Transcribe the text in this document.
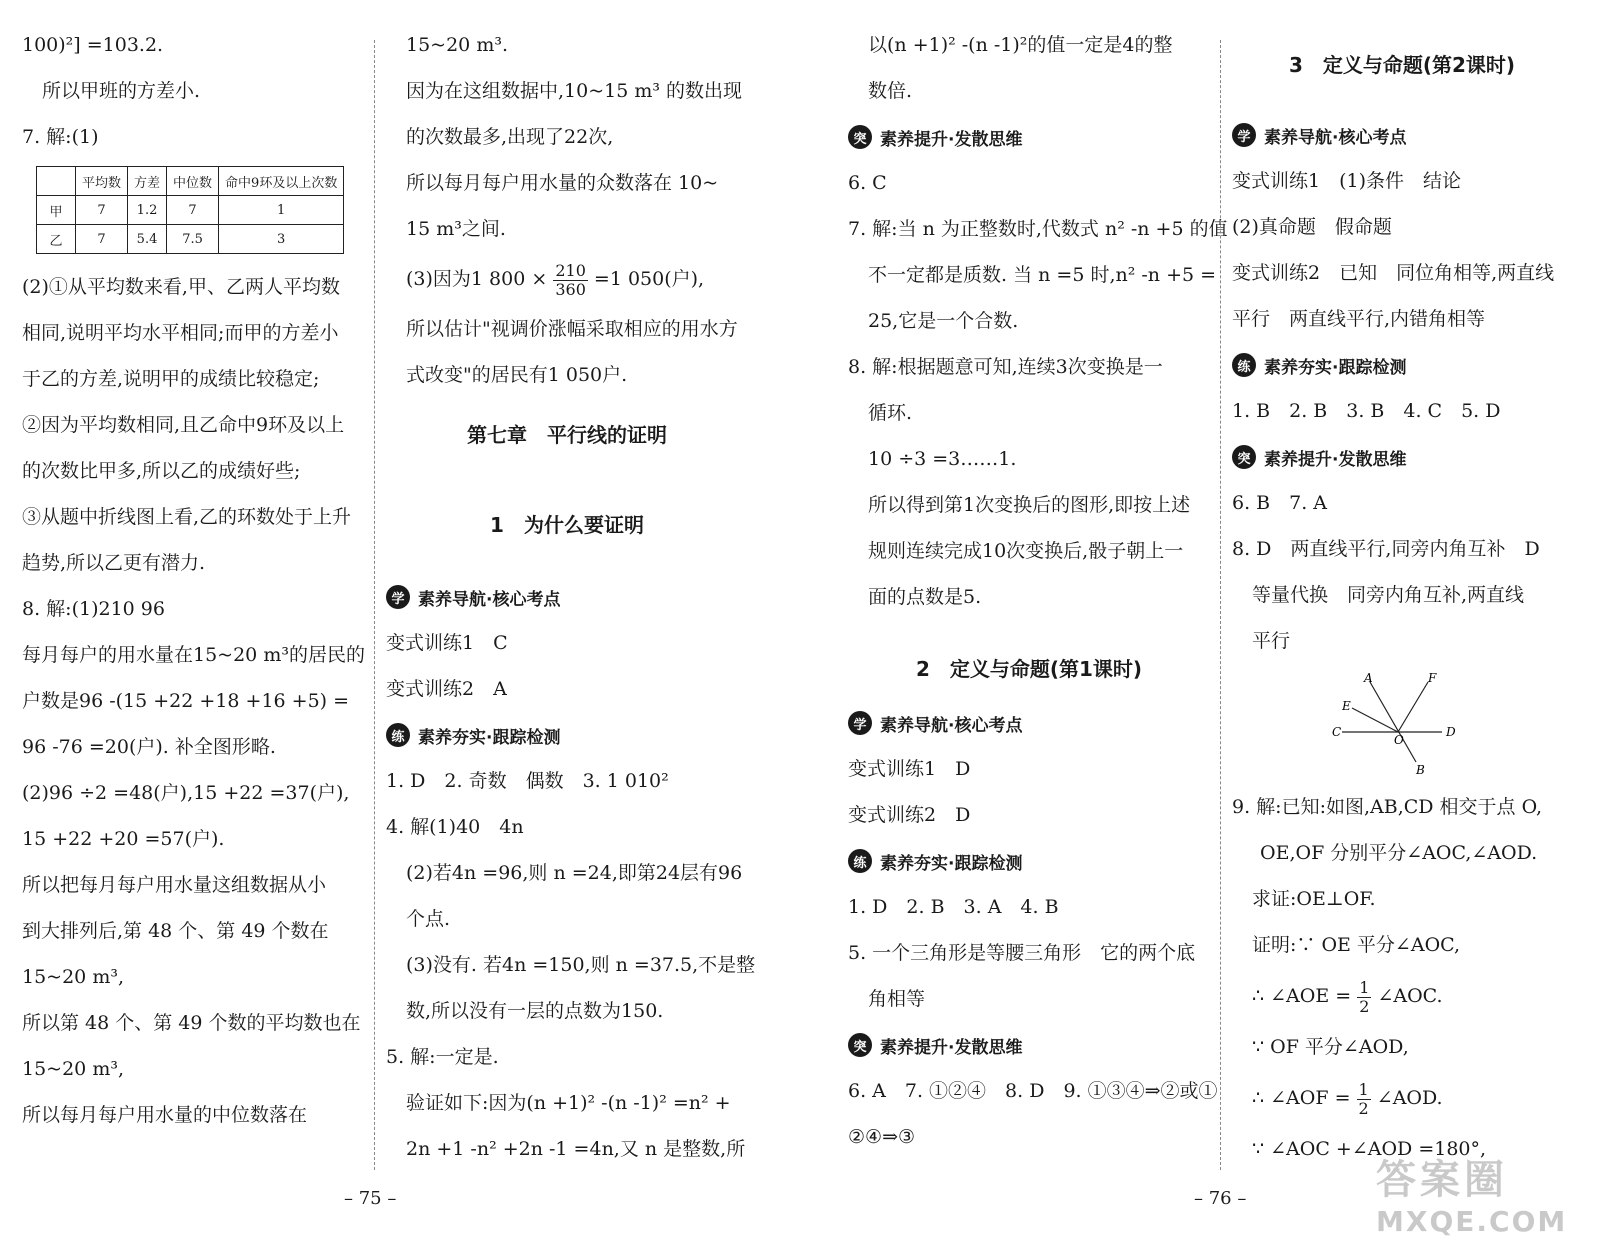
100)²] =103.2.
所以甲班的方差小.
7. 解:(1)
	平均数	方差	中位数	命中9环及以上次数
甲	7	1.2	7	1
乙	7	5.4	7.5	3
(2)①从平均数来看,甲、乙两人平均数
相同,说明平均水平相同;而甲的方差小
于乙的方差,说明甲的成绩比较稳定;
②因为平均数相同,且乙命中9环及以上
的次数比甲多,所以乙的成绩好些;
③从题中折线图上看,乙的环数处于上升
趋势,所以乙更有潜力.
8. 解:(1)210 96
每月每户的用水量在15~20 m³的居民的
户数是96 -(15 +22 +18 +16 +5) =
96 -76 =20(户). 补全图形略.
(2)96 ÷2 =48(户),15 +22 =37(户),
15 +22 +20 =57(户).
所以把每月每户用水量这组数据从小
到大排列后,第 48 个、第 49 个数在
15~20 m³,
所以第 48 个、第 49 个数的平均数也在
15~20 m³,
所以每月每户用水量的中位数落在
15~20 m³.
因为在这组数据中,10~15 m³ 的数出现
的次数最多,出现了22次,
所以每月每户用水量的众数落在 10~
15 m³之间.
(3)因为1 $800 \times \frac{210}{360} =1$ 050(户),
所以估计"视调价涨幅采取相应的用水方
式改变"的居民有1 050户.
第七章　平行线的证明
1　为什么要证明
学 素养导航·核心考点
变式训练1　C
变式训练2　A
练 素养夯实·跟踪检测
1. D　2. 奇数　偶数　3. 1 010²
4. 解(1)40　4n
(2)若4n =96,则 n =24,即第24层有96
个点.
(3)没有. 若4n =150,则 n =37.5,不是整
数,所以没有一层的点数为150.
5. 解:一定是.
验证如下:因为(n +1)² -(n -1)² =n² +
2n +1 -n² +2n -1 =4n,又 n 是整数,所
以(n +1)² -(n -1)²的值一定是4的整
数倍.
突 素养提升·发散思维
6. C
7. 解:当 n 为正整数时,代数式 n² -n +5 的值
不一定都是质数. 当 n =5 时,n² -n +5 =
25,它是一个合数.
8. 解:根据题意可知,连续3次变换是一
循环.
10 ÷3 =3……1.
所以得到第1次变换后的图形,即按上述
规则连续完成10次变换后,骰子朝上一
面的点数是5.
2　定义与命题(第1课时)
学 素养导航·核心考点
变式训练1　D
变式训练2　D
练 素养夯实·跟踪检测
1. D　2. B　3. A　4. B
5. 一个三角形是等腰三角形　它的两个底
角相等
突 素养提升·发散思维
6. A　7. ①②④　8. D　9. ①③④⇒②或①
②④⇒③
3　定义与命题(第2课时)
学 素养导航·核心考点
变式训练1　(1)条件　结论
(2)真命题　假命题
变式训练2　已知　同位角相等,两直线
平行　两直线平行,内错角相等
练 素养夯实·跟踪检测
1. B　2. B　3. B　4. C　5. D
突 素养提升·发散思维
6. B　7. A
8. D　两直线平行,同旁内角互补　D
等量代换　同旁内角互补,两直线
平行
9. 解:已知:如图,AB,CD 相交于点 O,
OE,OF 分别平分∠AOC,∠AOD.
求证:OE⊥OF.
证明:∵ OE 平分∠AOC,
∴ ∠AOE = $\frac{1}{2}$ ∠AOC.
∵ OF 平分∠AOD,
∴ ∠AOF = $\frac{1}{2}$ ∠AOD.
∵ ∠AOC +∠AOD =180°,
A	F
E
C
O
D
B
– 75 –	– 76 –	答案圈
MXQE.COM
